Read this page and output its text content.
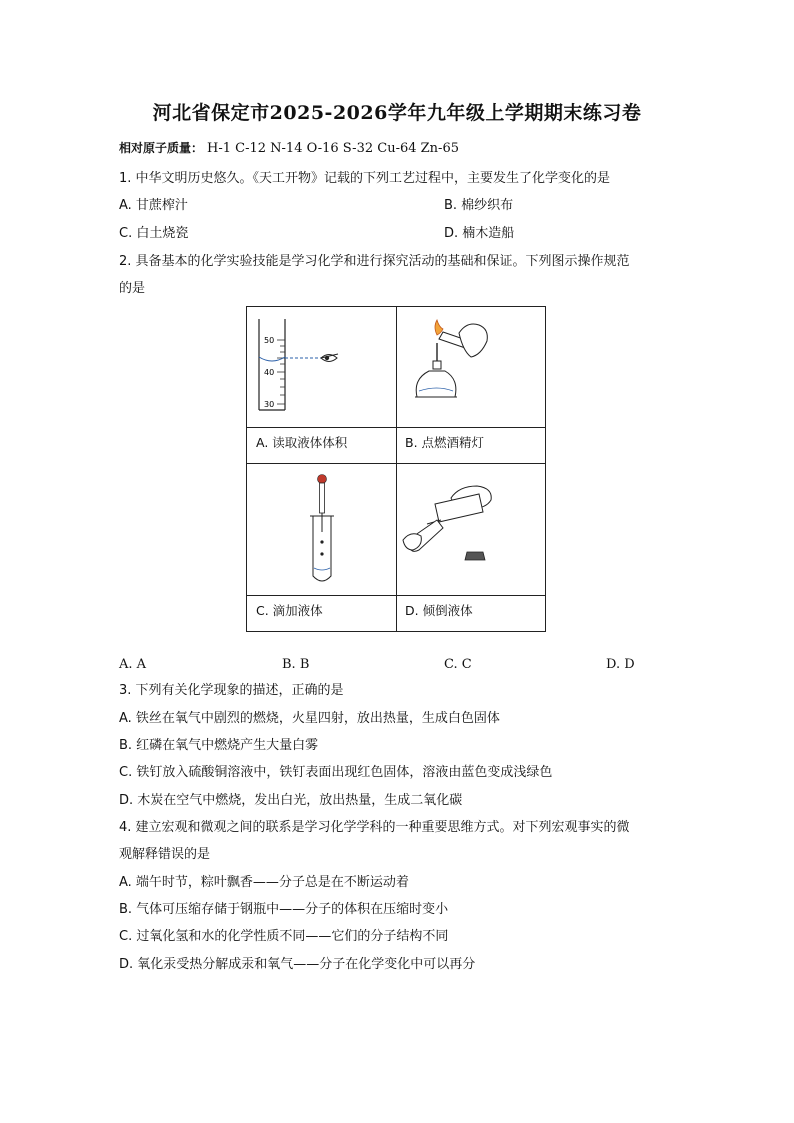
河北省保定市2025-2026学年九年级上学期期末练习卷
相对原子质量： H-1 C-12 N-14 O-16 S-32 Cu-64 Zn-65
1. 中华文明历史悠久。《天工开物》记载的下列工艺过程中，主要发生了化学变化的是
A. 甘蔗榨汁	B. 棉纱织布
C. 白土烧瓷	D. 楠木造船
2. 具备基本的化学实验技能是学习化学和进行探究活动的基础和保证。下列图示操作规范
的是
50
40
30
A. 读取液体体积	B. 点燃酒精灯
C. 滴加液体	D. 倾倒液体
A. A	B. B	C. C	D. D
3. 下列有关化学现象的描述，正确的是
A. 铁丝在氧气中剧烈的燃烧，火星四射，放出热量，生成白色固体
B. 红磷在氧气中燃烧产生大量白雾
C. 铁钉放入硫酸铜溶液中，铁钉表面出现红色固体，溶液由蓝色变成浅绿色
D. 木炭在空气中燃烧，发出白光，放出热量，生成二氧化碳
4. 建立宏观和微观之间的联系是学习化学学科的一种重要思维方式。对下列宏观事实的微
观解释错误的是
A. 端午时节，粽叶飘香——分子总是在不断运动着
B. 气体可压缩存储于钢瓶中——分子的体积在压缩时变小
C. 过氧化氢和水的化学性质不同——它们的分子结构不同
D. 氧化汞受热分解成汞和氧气——分子在化学变化中可以再分
